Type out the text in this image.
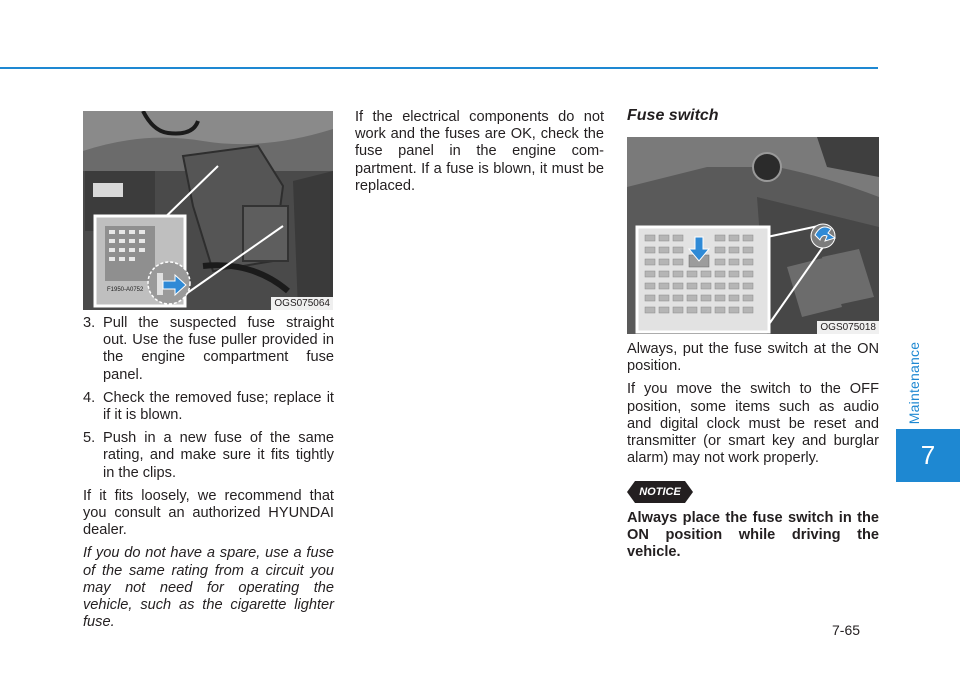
Maintenance
7
F1950-A0752
OGS075064
OGS075018
3. Pull the suspected fuse straight out. Use the fuse puller provided in the engine compartment fuse panel.
4. Check the removed fuse; replace it if it is blown.
5. Push in a new fuse of the same rating, and make sure it fits tightly in the clips.

If it fits loosely, we recommend that you consult an authorized HYUNDAI dealer.

If you do not have a spare, use a fuse of the same rating from a circuit you may not need for operating the vehicle, such as the cigarette lighter fuse.

If the electrical components do not work and the fuses are OK, check the fuse panel in the engine com-partment. If a fuse is blown, it must be replaced.

Fuse switch

Always, put the fuse switch at the ON position.

If you move the switch to the OFF position, some items such as audio and digital clock must be reset and transmitter (or smart key and burglar alarm) may not work properly.

NOTICE

Always place the fuse switch in the ON position while driving the vehicle.

7-65
